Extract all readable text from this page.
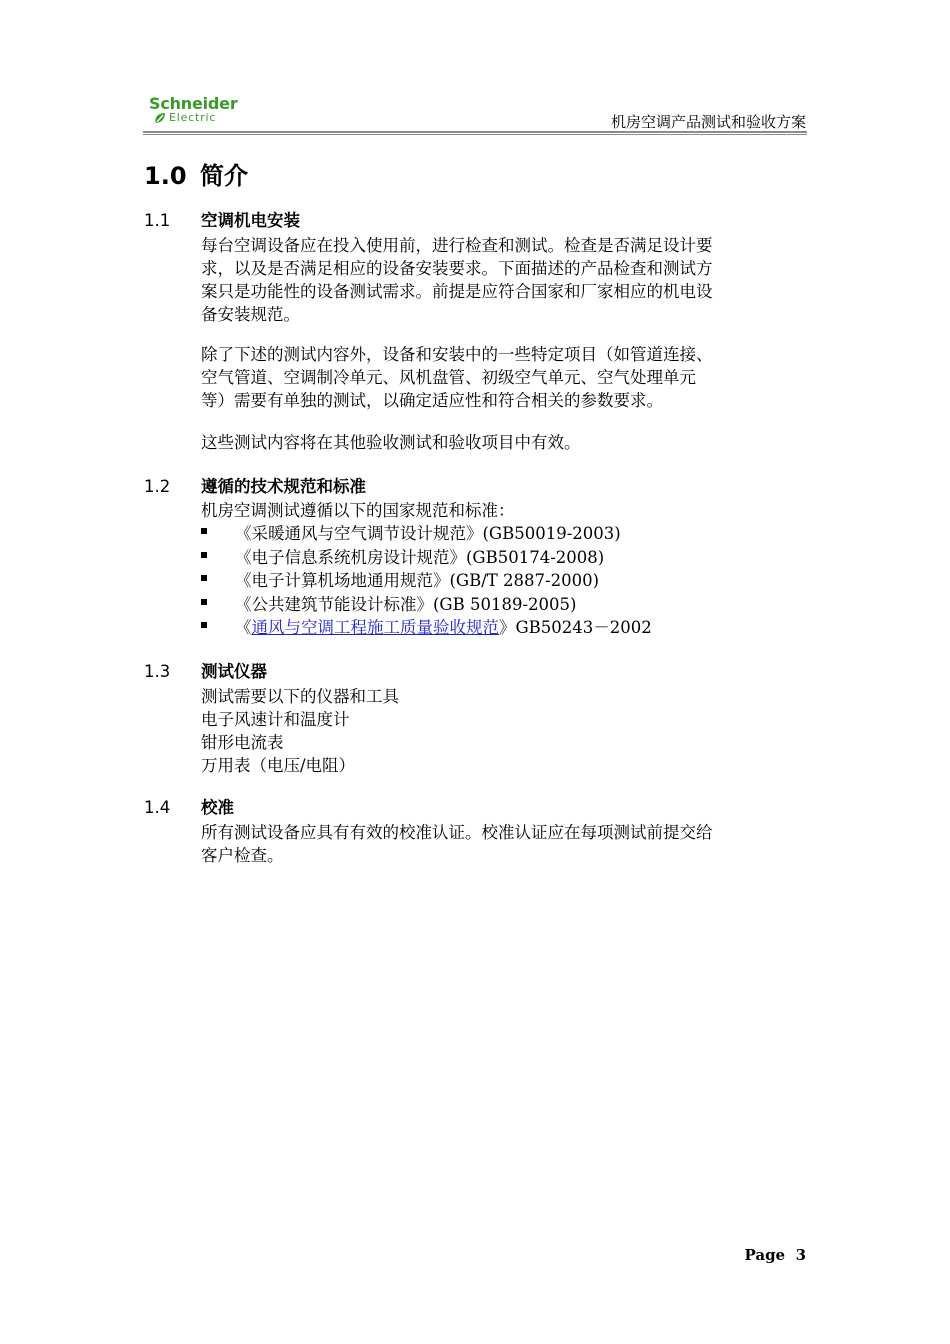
Schneider
Electric	机房空调产品测试和验收方案
1.0 简介
1.1 空调机电安装
每台空调设备应在投入使用前，进行检查和测试。检查是否满足设计要
求，以及是否满足相应的设备安装要求。下面描述的产品检查和测试方
案只是功能性的设备测试需求。前提是应符合国家和厂家相应的机电设
备安装规范。
除了下述的测试内容外，设备和安装中的一些特定项目（如管道连接、
空气管道、空调制冷单元、风机盘管、初级空气单元、空气处理单元
等）需要有单独的测试，以确定适应性和符合相关的参数要求。
这些测试内容将在其他验收测试和验收项目中有效。
1.2 遵循的技术规范和标准
机房空调测试遵循以下的国家规范和标准：
《采暖通风与空气调节设计规范》(GB50019-2003)
《电子信息系统机房设计规范》(GB50174-2008)
《电子计算机场地通用规范》(GB/T 2887-2000)
《公共建筑节能设计标准》(GB 50189-2005)
《通风与空调工程施工质量验收规范》GB50243－2002
1.3 测试仪器
测试需要以下的仪器和工具
电子风速计和温度计
钳形电流表
万用表（电压/电阻）
1.4 校准
所有测试设备应具有有效的校准认证。校准认证应在每项测试前提交给
客户检查。
Page 3
